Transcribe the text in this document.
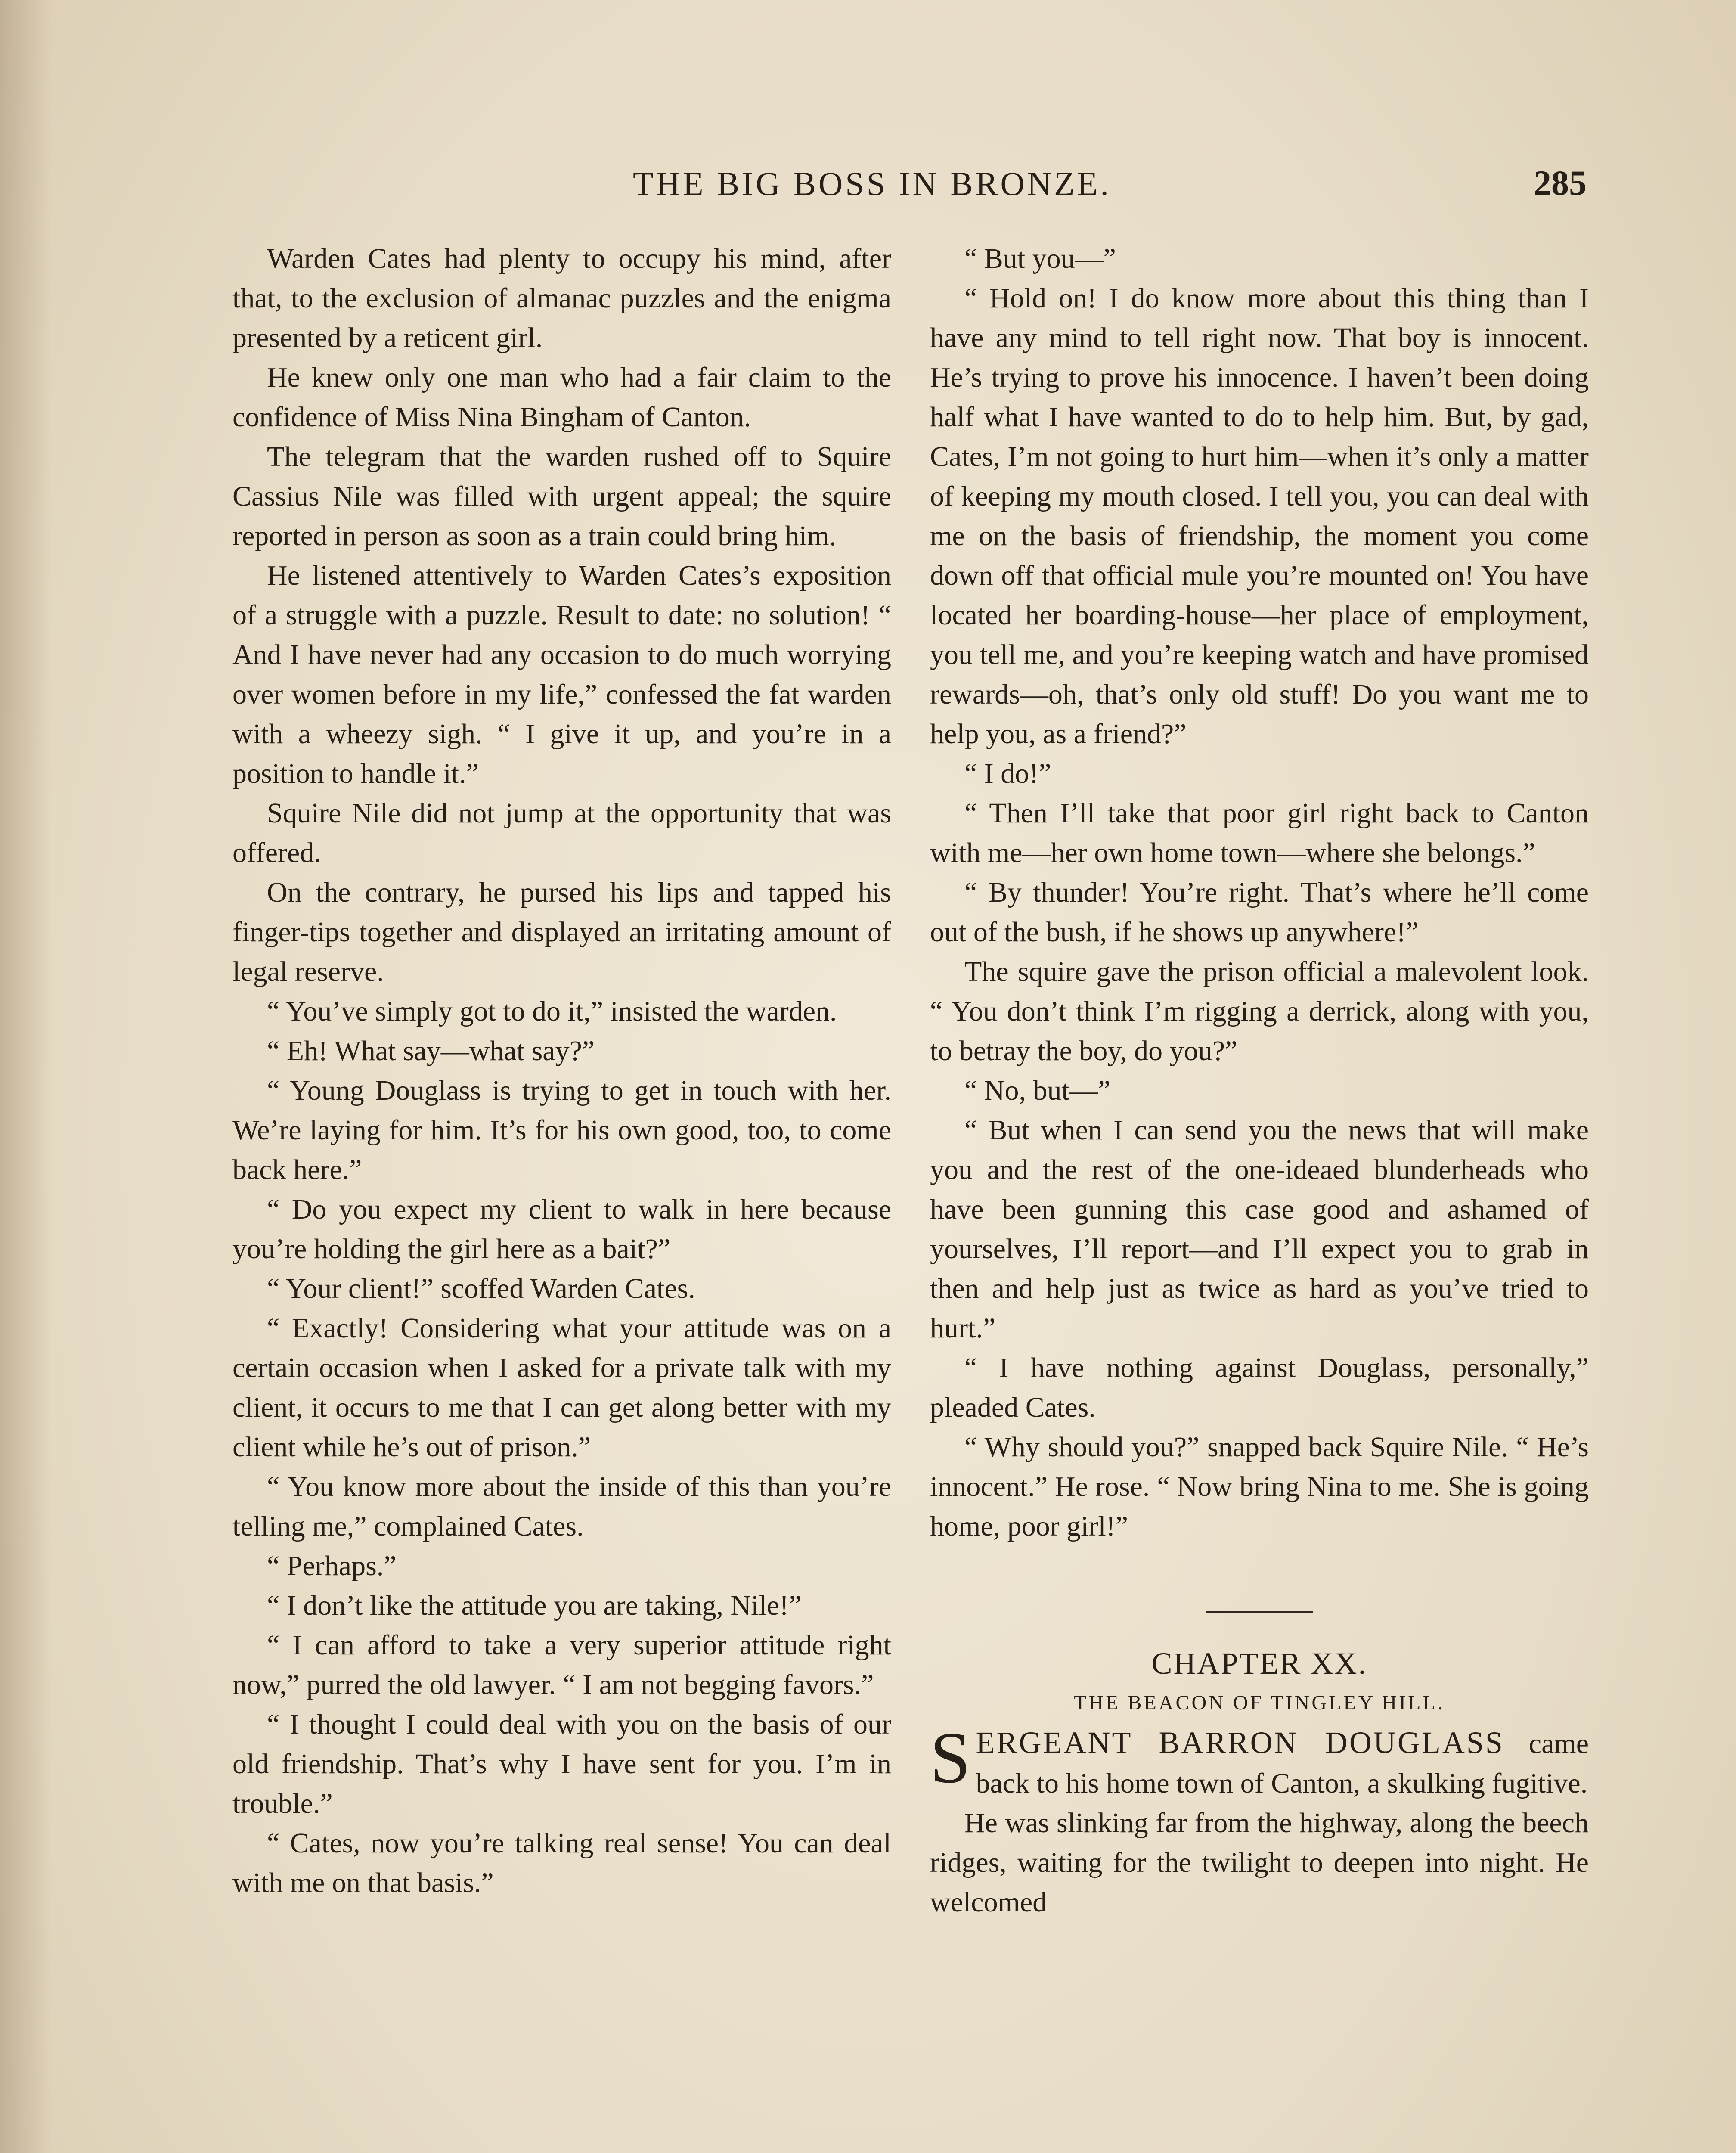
THE BIG BOSS IN BRONZE.	285

Warden Cates had plenty to occupy his mind, after that, to the exclusion of almanac puzzles and the enigma presented by a reticent girl.

He knew only one man who had a fair claim to the confidence of Miss Nina Bingham of Canton.

The telegram that the warden rushed off to Squire Cassius Nile was filled with urgent appeal; the squire reported in person as soon as a train could bring him.

He listened attentively to Warden Cates’s exposition of a struggle with a puzzle. Result to date: no solution! “ And I have never had any occasion to do much worrying over women before in my life,” confessed the fat warden with a wheezy sigh. “ I give it up, and you’re in a position to handle it.”

Squire Nile did not jump at the opportunity that was offered.

On the contrary, he pursed his lips and tapped his finger-tips together and displayed an irritating amount of legal reserve.

“ You’ve simply got to do it,” insisted the warden.

“ Eh! What say—what say?”

“ Young Douglass is trying to get in touch with her. We’re laying for him. It’s for his own good, too, to come back here.”

“ Do you expect my client to walk in here because you’re holding the girl here as a bait?”

“ Your client!” scoffed Warden Cates.

“ Exactly! Considering what your attitude was on a certain occasion when I asked for a private talk with my client, it occurs to me that I can get along better with my client while he’s out of prison.”

“ You know more about the inside of this than you’re telling me,” complained Cates.

“ Perhaps.”

“ I don’t like the attitude you are taking, Nile!”

“ I can afford to take a very superior attitude right now,” purred the old lawyer. “ I am not begging favors.”

“ I thought I could deal with you on the basis of our old friendship. That’s why I have sent for you. I’m in trouble.”

“ Cates, now you’re talking real sense! You can deal with me on that basis.”

“ But you—”

“ Hold on! I do know more about this thing than I have any mind to tell right now. That boy is innocent. He’s trying to prove his innocence. I haven’t been doing half what I have wanted to do to help him. But, by gad, Cates, I’m not going to hurt him—when it’s only a matter of keeping my mouth closed. I tell you, you can deal with me on the basis of friendship, the moment you come down off that official mule you’re mounted on! You have located her boarding-house—her place of employment, you tell me, and you’re keeping watch and have promised rewards—oh, that’s only old stuff! Do you want me to help you, as a friend?”

“ I do!”

“ Then I’ll take that poor girl right back to Canton with me—her own home town—where she belongs.”

“ By thunder! You’re right. That’s where he’ll come out of the bush, if he shows up anywhere!”

The squire gave the prison official a malevolent look. “ You don’t think I’m rigging a derrick, along with you, to betray the boy, do you?”

“ No, but—”

“ But when I can send you the news that will make you and the rest of the one-ideaed blunderheads who have been gunning this case good and ashamed of yourselves, I’ll report—and I’ll expect you to grab in then and help just as twice as hard as you’ve tried to hurt.”

“ I have nothing against Douglass, personally,” pleaded Cates.

“ Why should you?” snapped back Squire Nile. “ He’s innocent.” He rose. “ Now bring Nina to me. She is going home, poor girl!”

CHAPTER XX.

THE BEACON OF TINGLEY HILL.

SERGEANT BARRON DOUGLASS came back to his home town of Canton, a skulking fugitive.

He was slinking far from the highway, along the beech ridges, waiting for the twilight to deepen into night. He welcomed
